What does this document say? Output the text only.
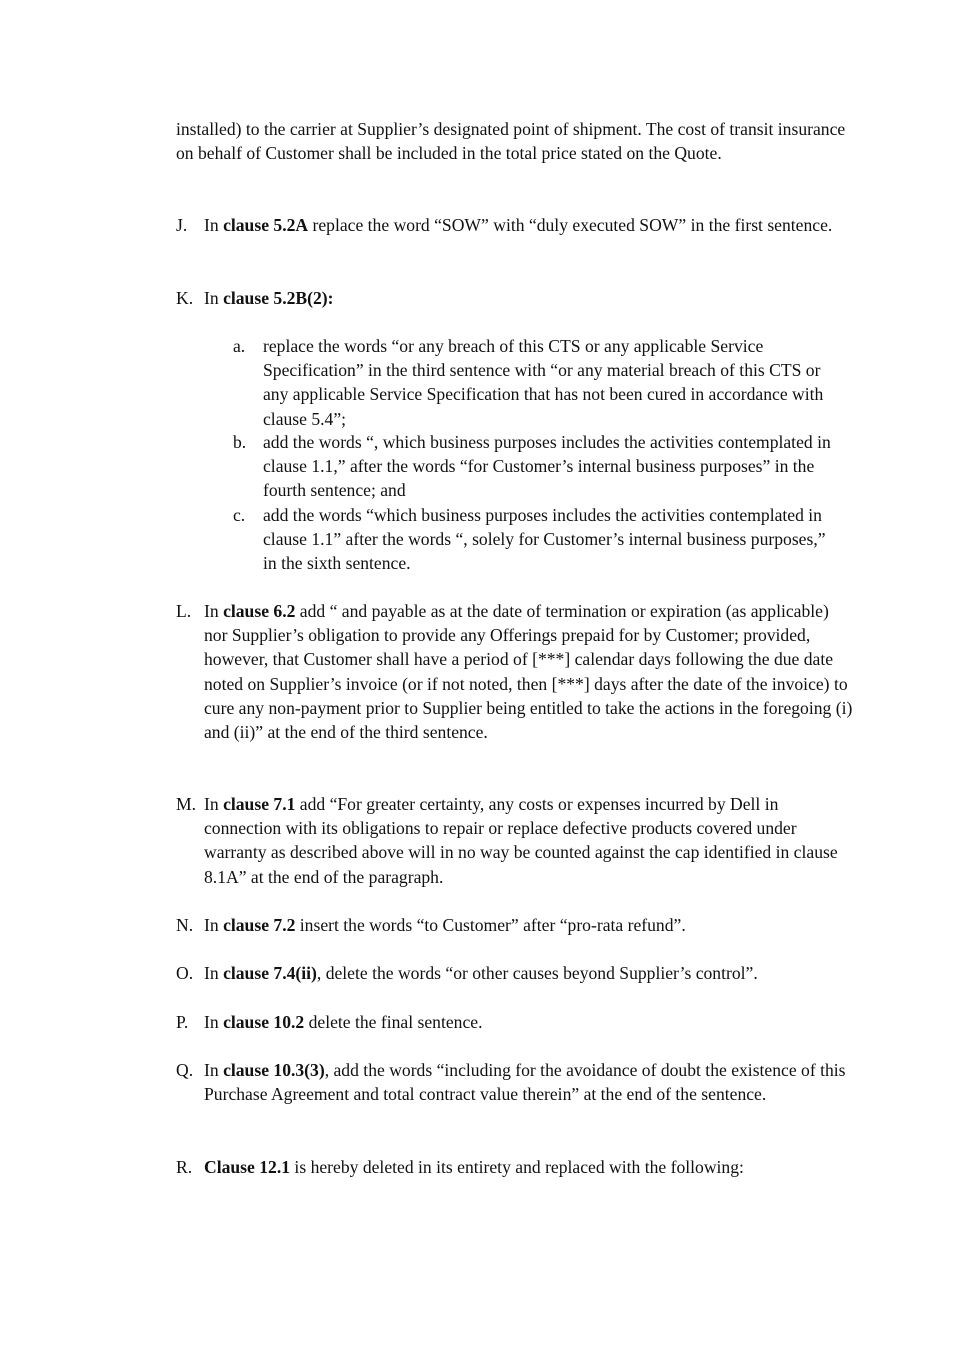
installed) to the carrier at Supplier’s designated point of shipment. The cost of transit insurance on behalf of Customer shall be included in the total price stated on the Quote.

J. In clause 5.2A replace the word “SOW” with “duly executed SOW” in the first sentence.

K. In clause 5.2B(2):

a.	replace the words “or any breach of this CTS or any applicable Service Specification” in the third sentence with “or any material breach of this CTS or any applicable Service Specification that has not been cured in accordance with clause 5.4”;

b. add the words “, which business purposes includes the activities contemplated in clause 1.1,” after the words “for Customer’s internal business purposes” in the fourth sentence; and

c.	add the words “which business purposes includes the activities contemplated in clause 1.1” after the words “, solely for Customer’s internal business purposes,” in the sixth sentence.

L. In clause 6.2 add “ and payable as at the date of termination or expiration (as applicable) nor Supplier’s obligation to provide any Offerings prepaid for by Customer; provided, however, that Customer shall have a period of [***] calendar days following the due date noted on Supplier’s invoice (or if not noted, then [***] days after the date of the invoice) to cure any non-payment prior to Supplier being entitled to take the actions in the foregoing (i) and (ii)” at the end of the third sentence.

M. In clause 7.1 add “For greater certainty, any costs or expenses incurred by Dell in connection with its obligations to repair or replace defective products covered under warranty as described above will in no way be counted against the cap identified in clause 8.1A” at the end of the paragraph.

N. In clause 7.2 insert the words “to Customer” after “pro-rata refund”.

O. In clause 7.4(ii), delete the words “or other causes beyond Supplier’s control”.

P. In clause 10.2 delete the final sentence.

Q. In clause 10.3(3), add the words “including for the avoidance of doubt the existence of this Purchase Agreement and total contract value therein” at the end of the sentence.

R. Clause 12.1 is hereby deleted in its entirety and replaced with the following:
